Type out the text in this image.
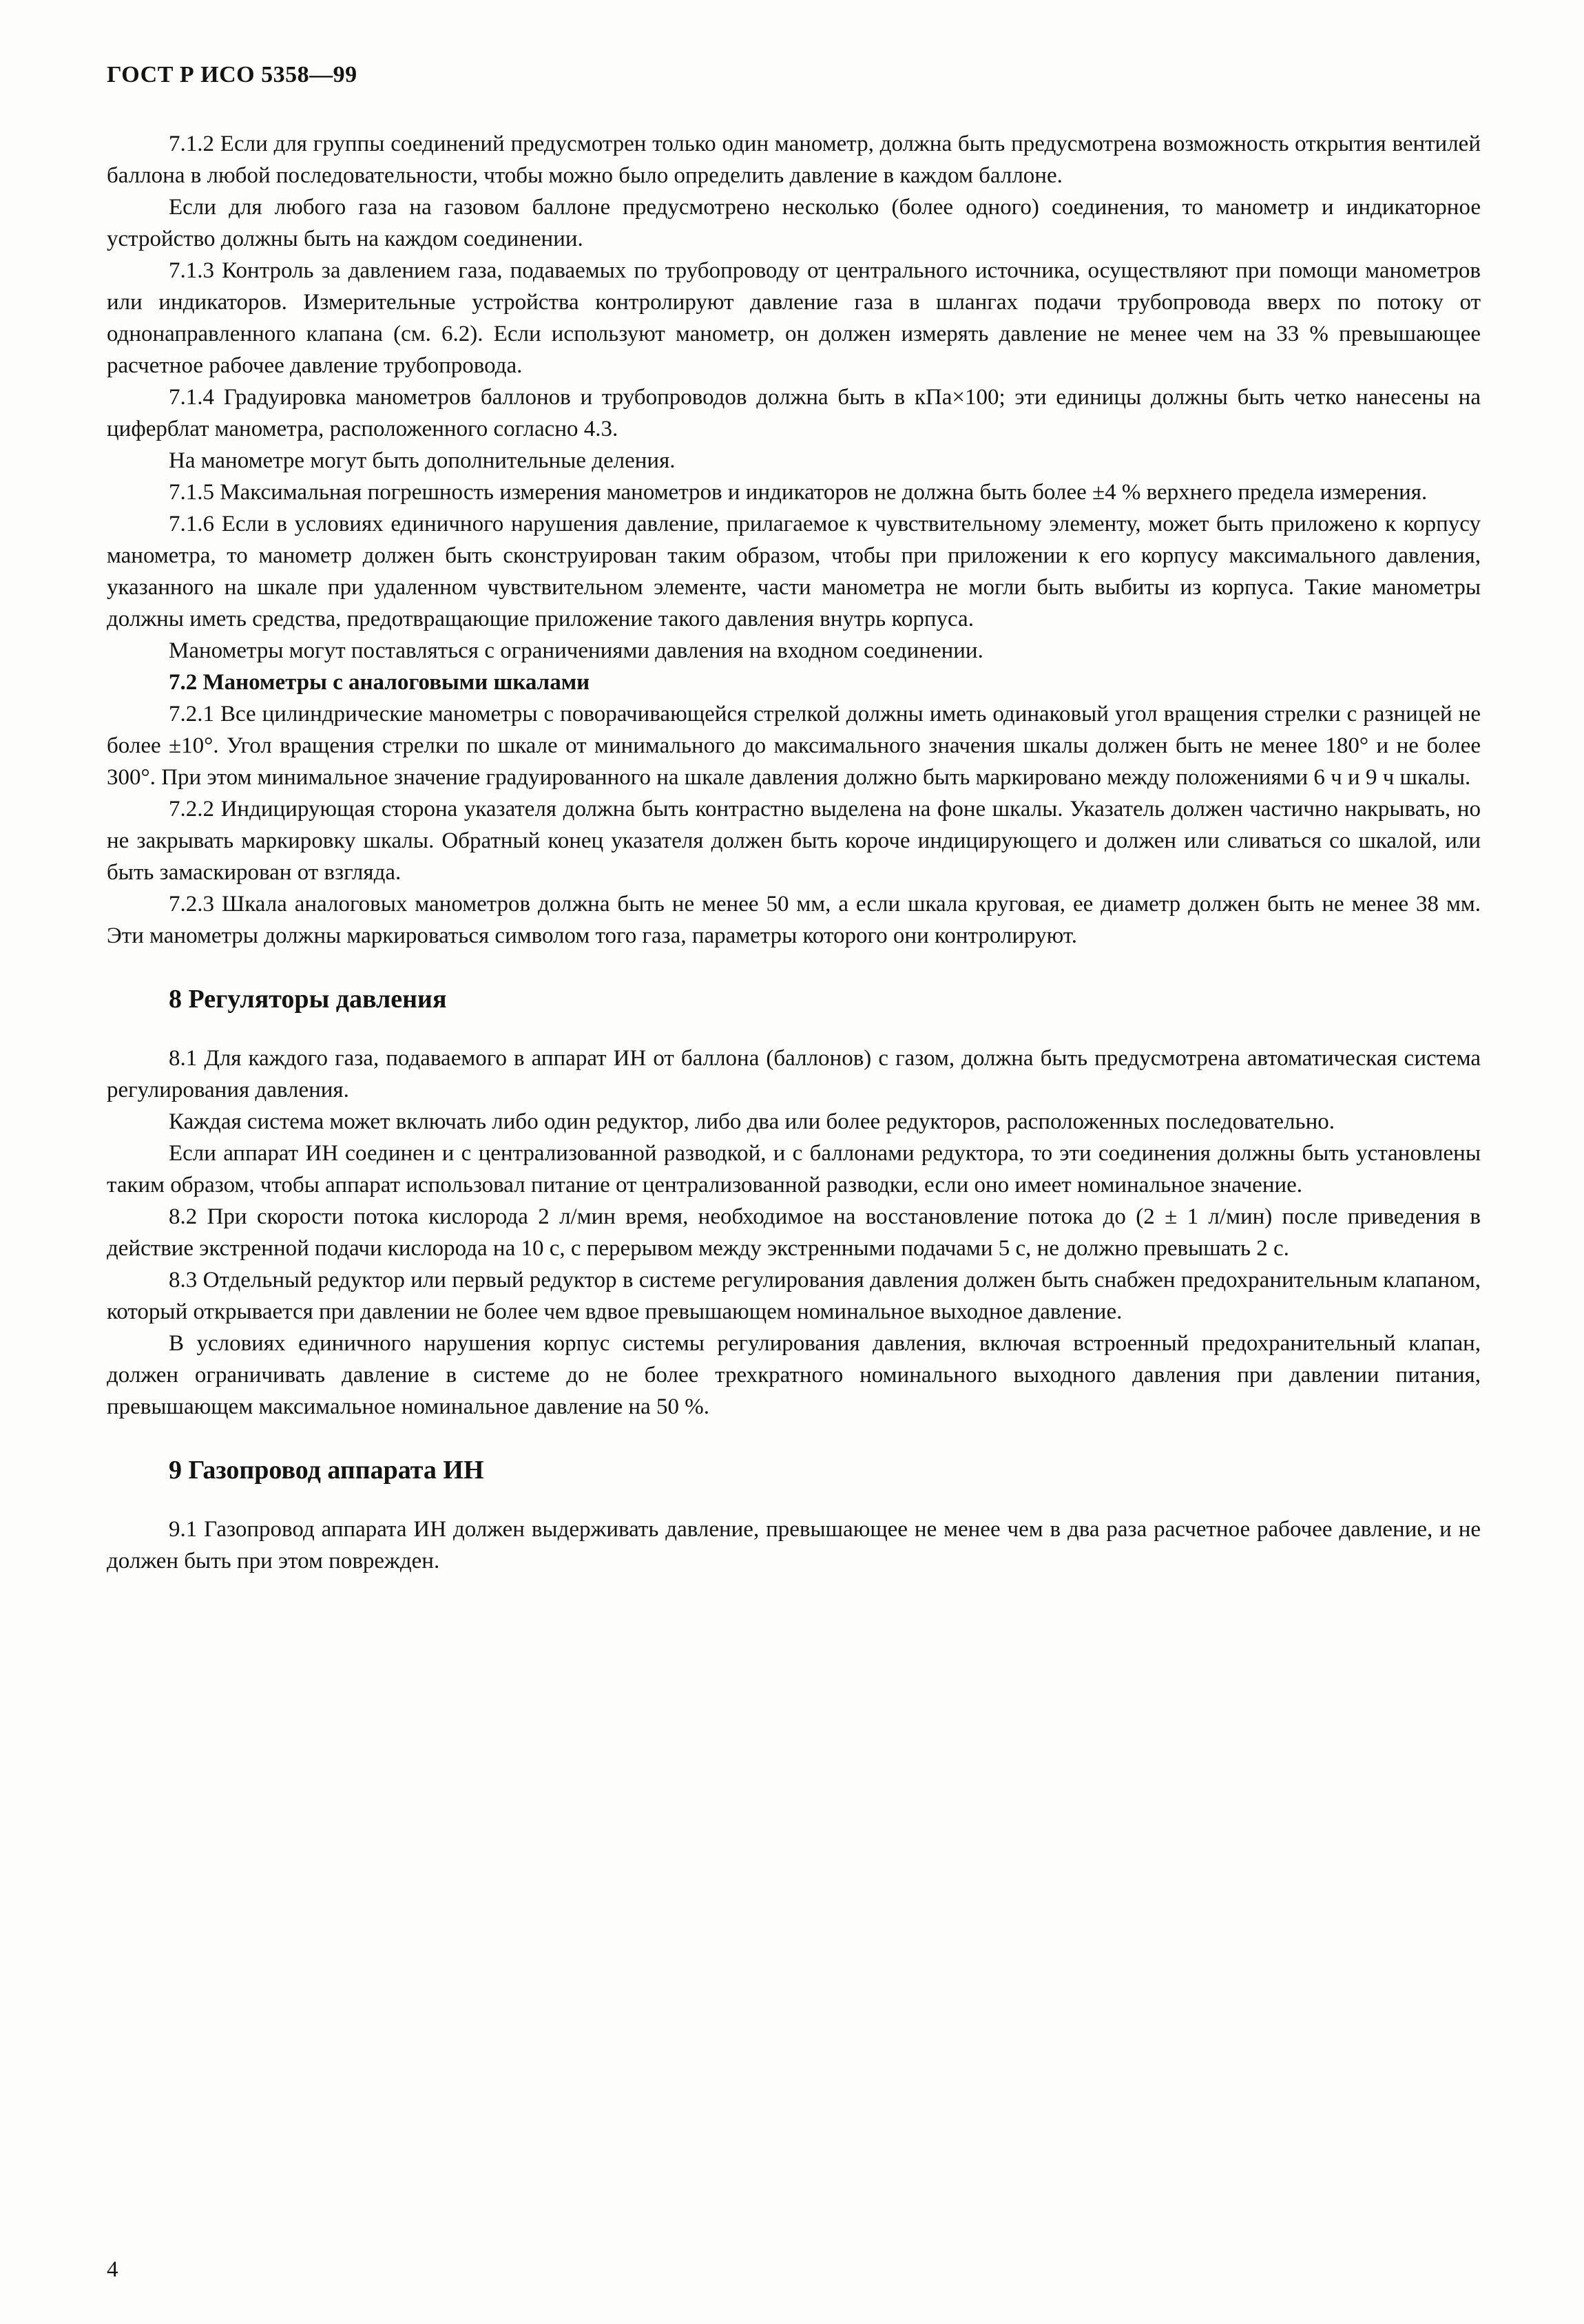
ГОСТ Р ИСО 5358—99

7.1.2 Если для группы соединений предусмотрен только один манометр, должна быть предусмотрена возможность открытия вентилей баллона в любой последовательности, чтобы можно было определить давление в каждом баллоне.

Если для любого газа на газовом баллоне предусмотрено несколько (более одного) соединения, то манометр и индикаторное устройство должны быть на каждом соединении.

7.1.3 Контроль за давлением газа, подаваемых по трубопроводу от центрального источника, осуществляют при помощи манометров или индикаторов. Измерительные устройства контролируют давление газа в шлангах подачи трубопровода вверх по потоку от однонаправленного клапана (см. 6.2). Если используют манометр, он должен измерять давление не менее чем на 33 % превышающее расчетное рабочее давление трубопровода.

7.1.4 Градуировка манометров баллонов и трубопроводов должна быть в кПа×100; эти единицы должны быть четко нанесены на циферблат манометра, расположенного согласно 4.3.

На манометре могут быть дополнительные деления.

7.1.5 Максимальная погрешность измерения манометров и индикаторов не должна быть более ±4 % верхнего предела измерения.

7.1.6 Если в условиях единичного нарушения давление, прилагаемое к чувствительному элементу, может быть приложено к корпусу манометра, то манометр должен быть сконструирован таким образом, чтобы при приложении к его корпусу максимального давления, указанного на шкале при удаленном чувствительном элементе, части манометра не могли быть выбиты из корпуса. Такие манометры должны иметь средства, предотвращающие приложение такого давления внутрь корпуса.

Манометры могут поставляться с ограничениями давления на входном соединении.

7.2 Манометры с аналоговыми шкалами

7.2.1 Все цилиндрические манометры с поворачивающейся стрелкой должны иметь одинаковый угол вращения стрелки с разницей не более ±10°. Угол вращения стрелки по шкале от минимального до максимального значения шкалы должен быть не менее 180° и не более 300°. При этом минимальное значение градуированного на шкале давления должно быть маркировано между положениями 6 ч и 9 ч шкалы.

7.2.2 Индицирующая сторона указателя должна быть контрастно выделена на фоне шкалы. Указатель должен частично накрывать, но не закрывать маркировку шкалы. Обратный конец указателя должен быть короче индицирующего и должен или сливаться со шкалой, или быть замаскирован от взгляда.

7.2.3 Шкала аналоговых манометров должна быть не менее 50 мм, а если шкала круговая, ее диаметр должен быть не менее 38 мм. Эти манометры должны маркироваться символом того газа, параметры которого они контролируют.

8 Регуляторы давления

8.1 Для каждого газа, подаваемого в аппарат ИН от баллона (баллонов) с газом, должна быть предусмотрена автоматическая система регулирования давления.

Каждая система может включать либо один редуктор, либо два или более редукторов, расположенных последовательно.

Если аппарат ИН соединен и с централизованной разводкой, и с баллонами редуктора, то эти соединения должны быть установлены таким образом, чтобы аппарат использовал питание от централизованной разводки, если оно имеет номинальное значение.

8.2 При скорости потока кислорода 2 л/мин время, необходимое на восстановление потока до (2 ± 1 л/мин) после приведения в действие экстренной подачи кислорода на 10 с, с перерывом между экстренными подачами 5 с, не должно превышать 2 с.

8.3 Отдельный редуктор или первый редуктор в системе регулирования давления должен быть снабжен предохранительным клапаном, который открывается при давлении не более чем вдвое превышающем номинальное выходное давление.

В условиях единичного нарушения корпус системы регулирования давления, включая встроенный предохранительный клапан, должен ограничивать давление в системе до не более трехкратного номинального выходного давления при давлении питания, превышающем максимальное номинальное давление на 50 %.

9 Газопровод аппарата ИН

9.1 Газопровод аппарата ИН должен выдерживать давление, превышающее не менее чем в два раза расчетное рабочее давление, и не должен быть при этом поврежден.

4
